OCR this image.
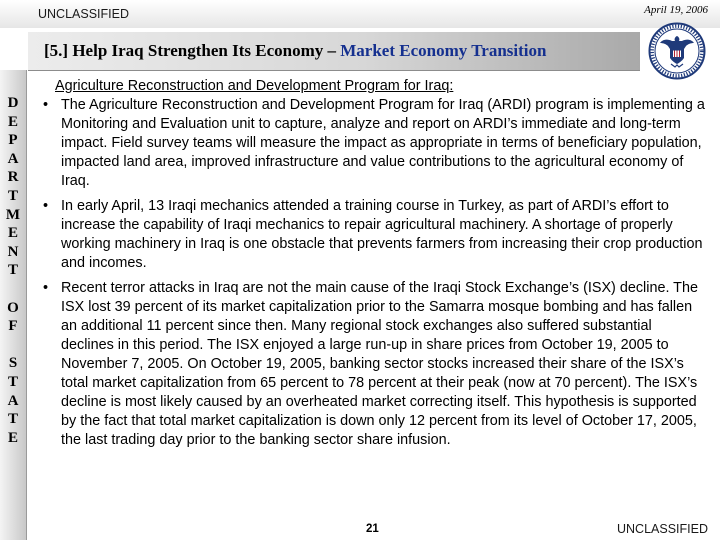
UNCLASSIFIED	April 19, 2006
[5.] Help Iraq Strengthen Its Economy – Market Economy Transition
D
E
P
A
R
T
M
E
N
T
O
F
S
T
A
T
E
Agriculture Reconstruction and Development Program for Iraq:
• The Agriculture Reconstruction and Development Program for Iraq (ARDI) program is implementing a Monitoring and Evaluation unit to capture, analyze and report on ARDI’s immediate and long-term impact. Field survey teams will measure the impact as appropriate in terms of beneficiary population, impacted land area, improved infrastructure and value contributions to the agricultural economy of Iraq.
• In early April, 13 Iraqi mechanics attended a training course in Turkey, as part of ARDI’s effort to increase the capability of Iraqi mechanics to repair agricultural machinery. A shortage of properly working machinery in Iraq is one obstacle that prevents farmers from increasing their crop production and incomes.
• Recent terror attacks in Iraq are not the main cause of the Iraqi Stock Exchange’s (ISX) decline. The ISX lost 39 percent of its market capitalization prior to the Samarra mosque bombing and has fallen an additional 11 percent since then. Many regional stock exchanges also suffered substantial declines in this period. The ISX enjoyed a large run-up in share prices from October 19, 2005 to November 7, 2005. On October 19, 2005, banking sector stocks increased their share of the ISX’s total market capitalization from 65 percent to 78 percent at their peak (now at 70 percent). The ISX’s decline is most likely caused by an overheated market correcting itself. This hypothesis is supported by the fact that total market capitalization is down only 12 percent from its level of October 17, 2005, the last trading day prior to the banking sector share infusion.
21	UNCLASSIFIED
